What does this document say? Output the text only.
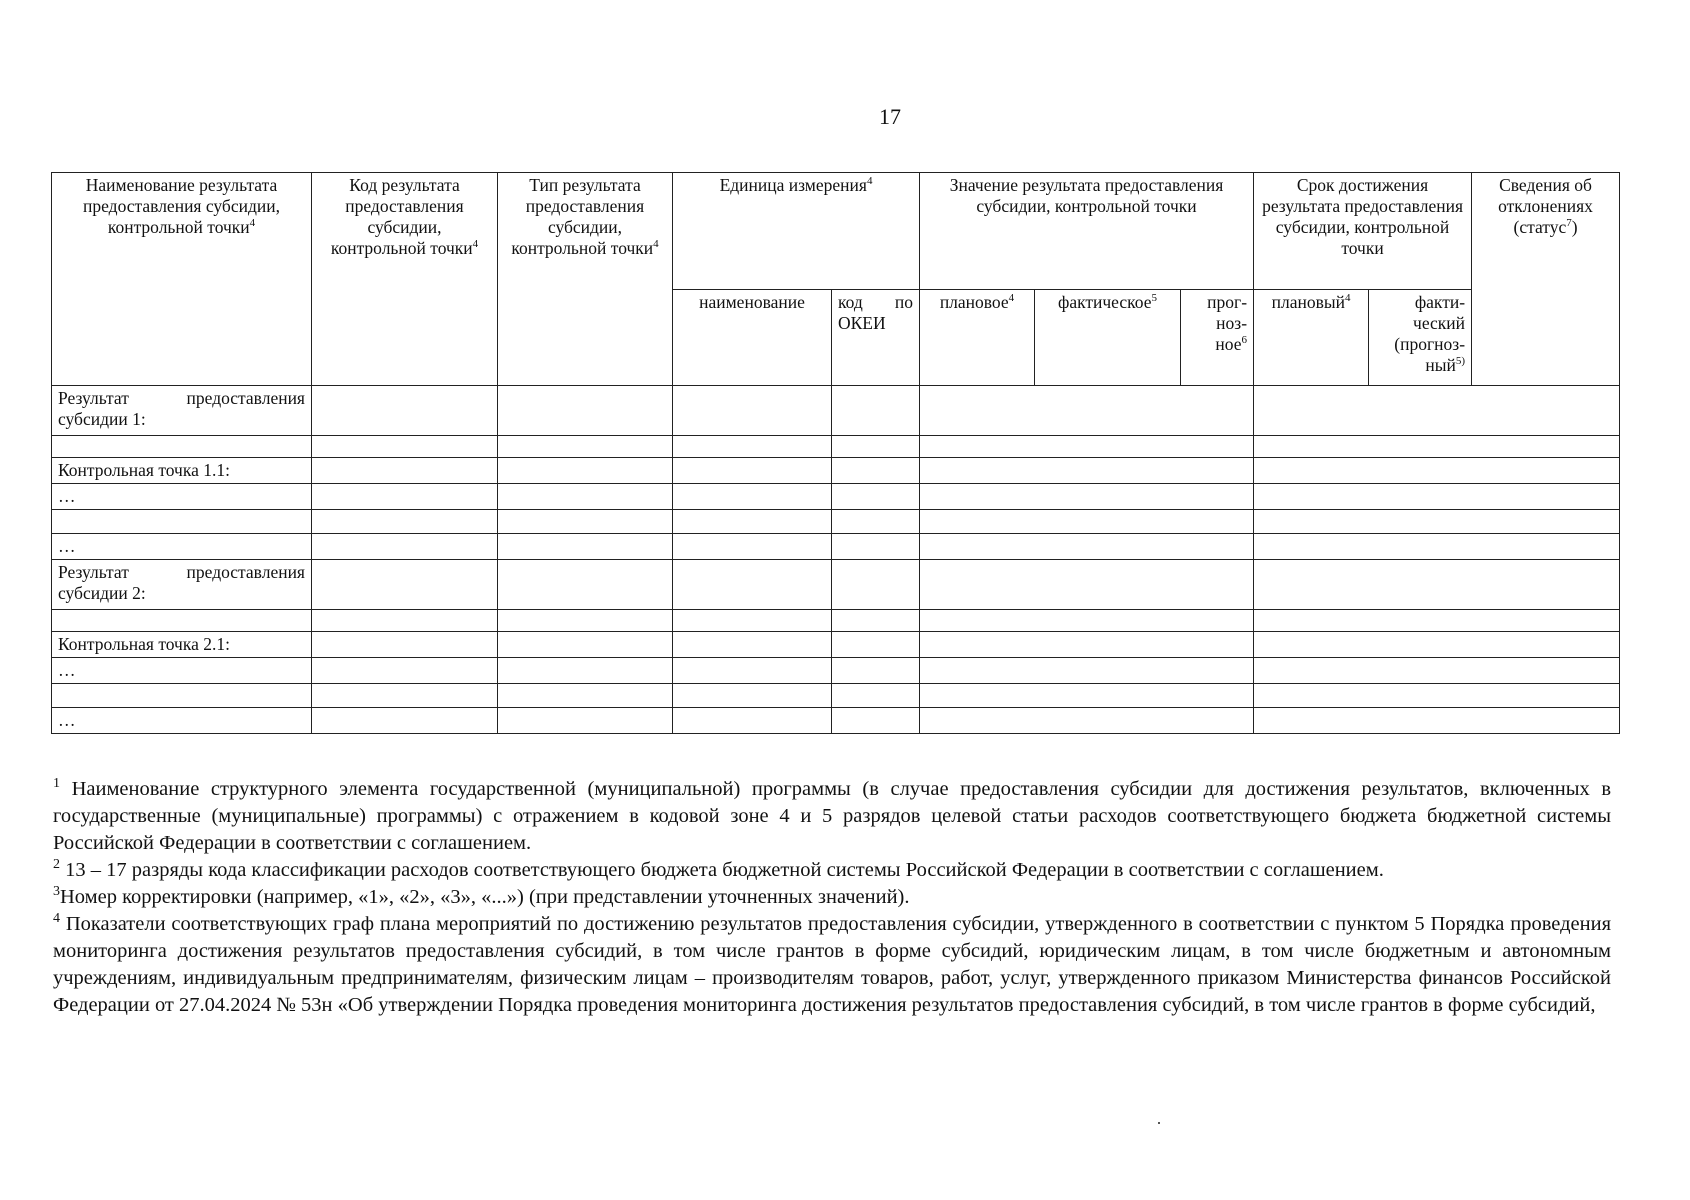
17
Наименование результата предоставления субсидии, контрольной точки$^4$	Код результата предоставления субсидии, контрольной точки$^4$	Тип результата предоставления субсидии, контрольной точки$^4$	Единица измерения$^4$		Значение результата предоставления субсидии, контрольной точки			Срок достижения результата предоставления субсидии, контрольной точки		Сведения об отклонениях (статус$^7$)
			наименование	код по ОКЕИ	плановое$^4$	фактическое$^5$	прог-ноз-ное$^6$	плановый$^4$	факти-ческий (прогноз-ный$^{5)}$
Результат предоставления субсидии 1:										

Контрольная точка 1.1:										
…										

…										
Результат предоставления субсидии 2:										

Контрольная точка 2.1:										
…										

…										

$^1$ Наименование структурного элемента государственной (муниципальной) программы (в случае предоставления субсидии для достижения результатов, включенных в государственные (муниципальные) программы) с отражением в кодовой зоне 4 и 5 разрядов целевой статьи расходов соответствующего бюджета бюджетной системы Российской Федерации в соответствии с соглашением.

$^2$ 13 – 17 разряды кода классификации расходов соответствующего бюджета бюджетной системы Российской Федерации в соответствии с соглашением.

$^3$Номер корректировки (например, «1», «2», «3», «...») (при представлении уточненных значений).

$^4$ Показатели соответствующих граф плана мероприятий по достижению результатов предоставления субсидии, утвержденного в соответствии с пунктом 5 Порядка проведения мониторинга достижения результатов предоставления субсидий, в том числе грантов в форме субсидий, юридическим лицам, в том числе бюджетным и автономным учреждениям, индивидуальным предпринимателям, физическим лицам – производителям товаров, работ, услуг, утвержденного приказом Министерства финансов Российской Федерации от 27.04.2024 № 53н «Об утверждении Порядка проведения мониторинга достижения результатов предоставления субсидий, в том числе грантов в форме субсидий,
